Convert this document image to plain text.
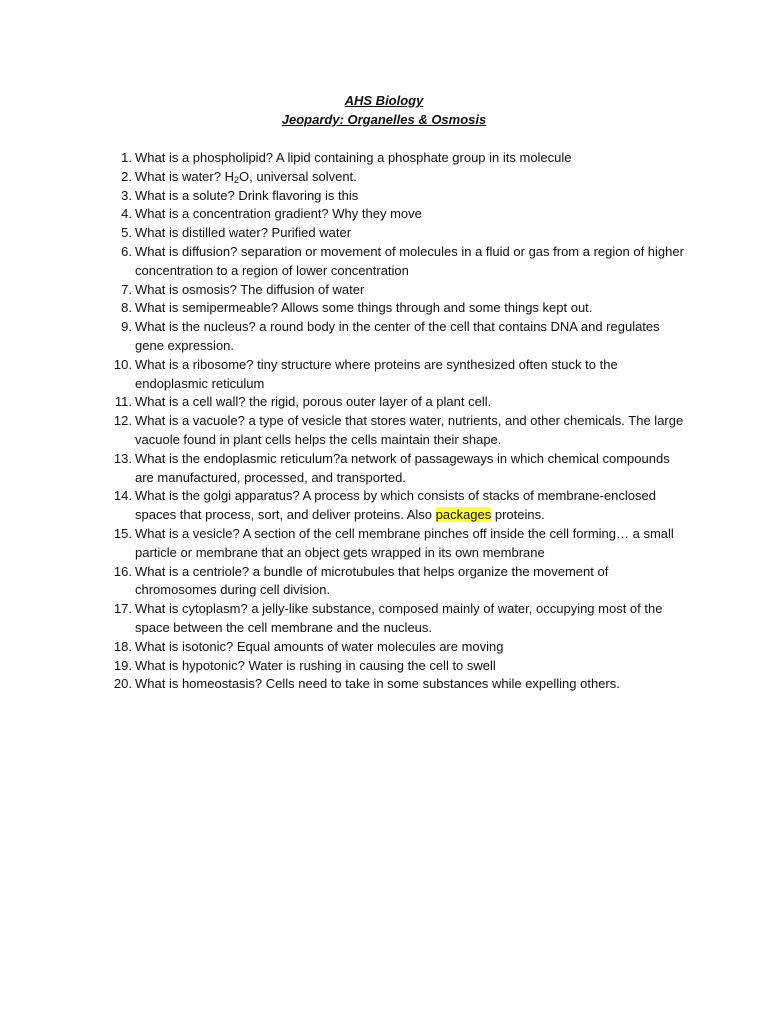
AHS Biology
Jeopardy: Organelles & Osmosis
1. What is a phospholipid? A lipid containing a phosphate group in its molecule
2. What is water? $H_2O$, universal solvent.
3. What is a solute? Drink flavoring is this
4. What is a concentration gradient? Why they move
5. What is distilled water? Purified water
6. What is diffusion? separation or movement of molecules in a fluid or gas from a region of higher concentration to a region of lower concentration
7. What is osmosis? The diffusion of water
8. What is semipermeable? Allows some things through and some things kept out.
9. What is the nucleus? a round body in the center of the cell that contains DNA and regulates gene expression.
10. What is a ribosome? tiny structure where proteins are synthesized often stuck to the endoplasmic reticulum
11. What is a cell wall? the rigid, porous outer layer of a plant cell.
12. What is a vacuole? a type of vesicle that stores water, nutrients, and other chemicals. The large vacuole found in plant cells helps the cells maintain their shape.
13. What is the endoplasmic reticulum?a network of passageways in which chemical compounds are manufactured, processed, and transported.
14. What is the golgi apparatus? A process by which consists of stacks of membrane-enclosed spaces that process, sort, and deliver proteins. Also packages proteins.
15. What is a vesicle? A section of the cell membrane pinches off inside the cell forming… a small particle or membrane that an object gets wrapped in its own membrane
16. What is a centriole? a bundle of microtubules that helps organize the movement of chromosomes during cell division.
17. What is cytoplasm? a jelly-like substance, composed mainly of water, occupying most of the space between the cell membrane and the nucleus.
18. What is isotonic? Equal amounts of water molecules are moving
19. What is hypotonic? Water is rushing in causing the cell to swell
20. What is homeostasis? Cells need to take in some substances while expelling others.
